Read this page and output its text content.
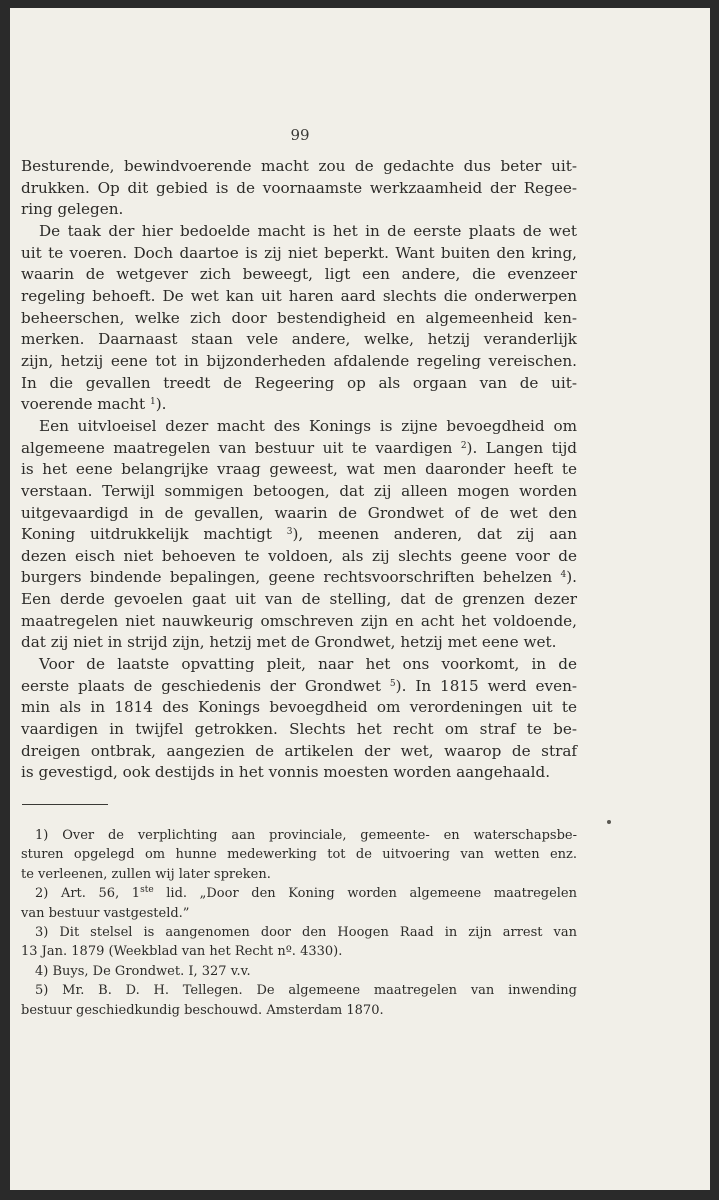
99
Besturende, bewindvoerende macht zou de gedachte dus beter uit-
drukken. Op dit gebied is de voornaamste werkzaamheid der Regee-
ring gelegen.
De taak der hier bedoelde macht is het in de eerste plaats de wet
uit te voeren. Doch daartoe is zij niet beperkt. Want buiten den kring,
waarin de wetgever zich beweegt, ligt een andere, die evenzeer
regeling behoeft. De wet kan uit haren aard slechts die onderwerpen
beheerschen, welke zich door bestendigheid en algemeenheid ken-
merken. Daarnaast staan vele andere, welke, hetzij veranderlijk
zijn, hetzij eene tot in bijzonderheden afdalende regeling vereischen.
In die gevallen treedt de Regeering op als orgaan van de uit-
voerende macht $^1$).
Een uitvloeisel dezer macht des Konings is zijne bevoegdheid om
algemeene maatregelen van bestuur uit te vaardigen $^2$). Langen tijd
is het eene belangrijke vraag geweest, wat men daaronder heeft te
verstaan. Terwijl sommigen betoogen, dat zij alleen mogen worden
uitgevaardigd in de gevallen, waarin de Grondwet of de wet den
Koning uitdrukkelijk machtigt $^3$), meenen anderen, dat zij aan
dezen eisch niet behoeven te voldoen, als zij slechts geene voor de
burgers bindende bepalingen, geene rechtsvoorschriften behelzen $^4$).
Een derde gevoelen gaat uit van de stelling, dat de grenzen dezer
maatregelen niet nauwkeurig omschreven zijn en acht het voldoende,
dat zij niet in strijd zijn, hetzij met de Grondwet, hetzij met eene wet.
Voor de laatste opvatting pleit, naar het ons voorkomt, in de
eerste plaats de geschiedenis der Grondwet $^5$). In 1815 werd even-
min als in 1814 des Konings bevoegdheid om verordeningen uit te
vaardigen in twijfel getrokken. Slechts het recht om straf te be-
dreigen ontbrak, aangezien de artikelen der wet, waarop de straf
is gevestigd, ook destijds in het vonnis moesten worden aangehaald.
1) Over de verplichting aan provinciale, gemeente- en waterschapsbe-
sturen opgelegd om hunne medewerking tot de uitvoering van wetten enz.
te verleenen, zullen wij later spreken.
2) Art. 56, 1ste lid. „Door den Koning worden algemeene maatregelen
van bestuur vastgesteld.”
3) Dit stelsel is aangenomen door den Hoogen Raad in zijn arrest van
13 Jan. 1879 (Weekblad van het Recht nº. 4330).
4) Buys, De Grondwet. I, 327 v.v.
5) Mr. B. D. H. Tellegen. De algemeene maatregelen van inwending
bestuur geschiedkundig beschouwd. Amsterdam 1870.
